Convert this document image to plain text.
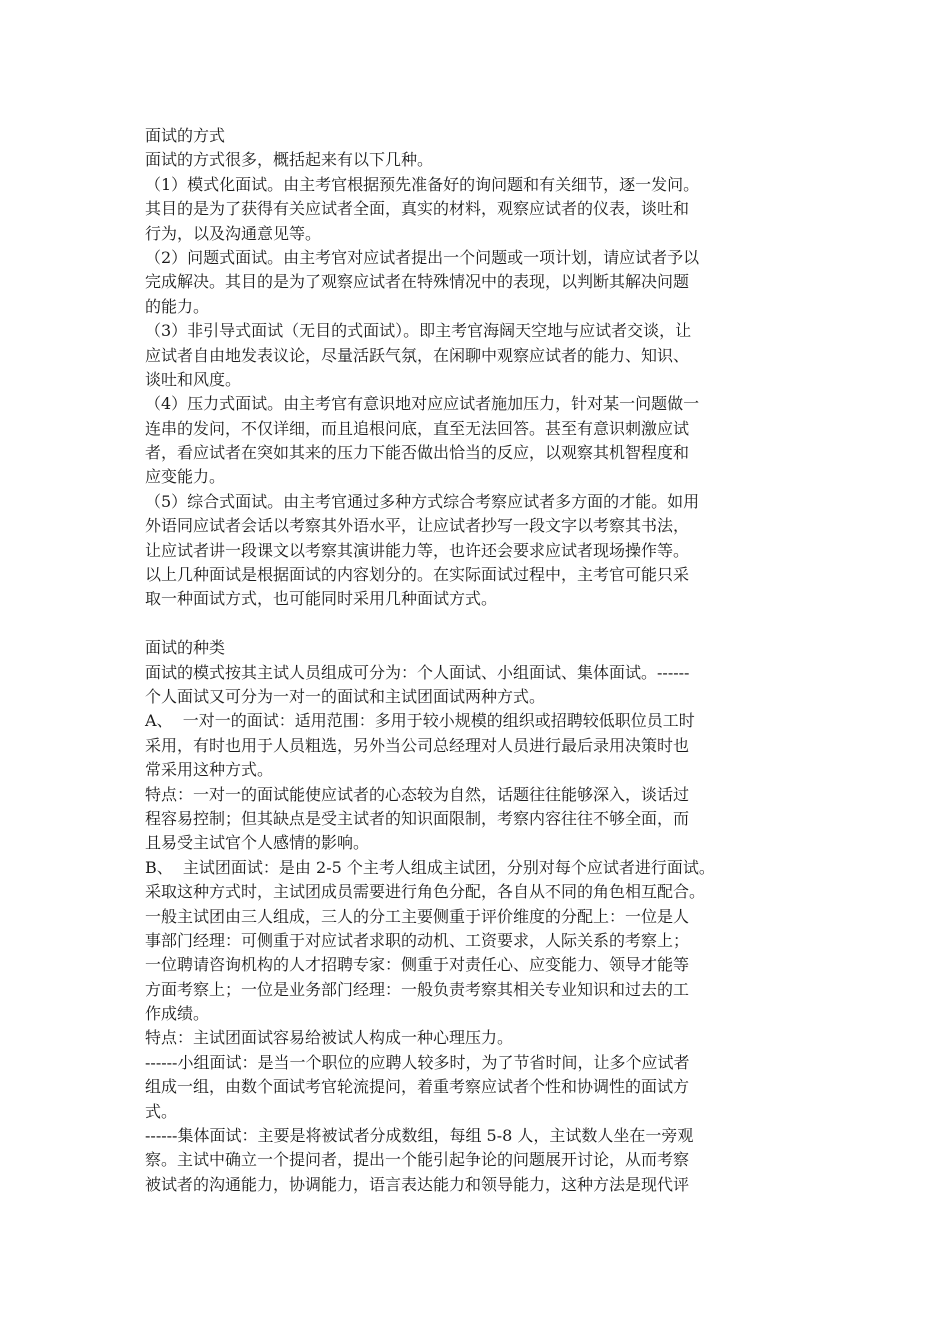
面试的方式
面试的方式很多，概括起来有以下几种。
（1）模式化面试。由主考官根据预先准备好的询问题和有关细节，逐一发问。
其目的是为了获得有关应试者全面，真实的材料，观察应试者的仪表，谈吐和
行为，以及沟通意见等。
（2）问题式面试。由主考官对应试者提出一个问题或一项计划，请应试者予以
完成解决。其目的是为了观察应试者在特殊情况中的表现，以判断其解决问题
的能力。
（3）非引导式面试（无目的式面试）。即主考官海阔天空地与应试者交谈，让
应试者自由地发表议论，尽量活跃气氛，在闲聊中观察应试者的能力、知识、
谈吐和风度。
（4）压力式面试。由主考官有意识地对应应试者施加压力，针对某一问题做一
连串的发问，不仅详细，而且追根问底，直至无法回答。甚至有意识刺激应试
者，看应试者在突如其来的压力下能否做出恰当的反应，以观察其机智程度和
应变能力。
（5）综合式面试。由主考官通过多种方式综合考察应试者多方面的才能。如用
外语同应试者会话以考察其外语水平，让应试者抄写一段文字以考察其书法，
让应试者讲一段课文以考察其演讲能力等，也许还会要求应试者现场操作等。
以上几种面试是根据面试的内容划分的。在实际面试过程中，主考官可能只采
取一种面试方式，也可能同时采用几种面试方式。
面试的种类
面试的模式按其主试人员组成可分为：个人面试、小组面试、集体面试。------
个人面试又可分为一对一的面试和主试团面试两种方式。
A、  一对一的面试：适用范围：多用于较小规模的组织或招聘较低职位员工时
采用，有时也用于人员粗选，另外当公司总经理对人员进行最后录用决策时也
常采用这种方式。
特点：一对一的面试能使应试者的心态较为自然，话题往往能够深入，谈话过
程容易控制；但其缺点是受主试者的知识面限制，考察内容往往不够全面，而
且易受主试官个人感情的影响。
B、  主试团面试：是由 2-5 个主考人组成主试团，分别对每个应试者进行面试。
采取这种方式时，主试团成员需要进行角色分配，各自从不同的角色相互配合。
一般主试团由三人组成，三人的分工主要侧重于评价维度的分配上：一位是人
事部门经理：可侧重于对应试者求职的动机、工资要求，人际关系的考察上；
一位聘请咨询机构的人才招聘专家：侧重于对责任心、应变能力、领导才能等
方面考察上；一位是业务部门经理：一般负责考察其相关专业知识和过去的工
作成绩。
特点：主试团面试容易给被试人构成一种心理压力。
------小组面试：是当一个职位的应聘人较多时，为了节省时间，让多个应试者
组成一组，由数个面试考官轮流提问，着重考察应试者个性和协调性的面试方
式。
------集体面试：主要是将被试者分成数组，每组 5-8 人，主试数人坐在一旁观
察。主试中确立一个提问者，提出一个能引起争论的问题展开讨论，从而考察
被试者的沟通能力，协调能力，语言表达能力和领导能力，这种方法是现代评
